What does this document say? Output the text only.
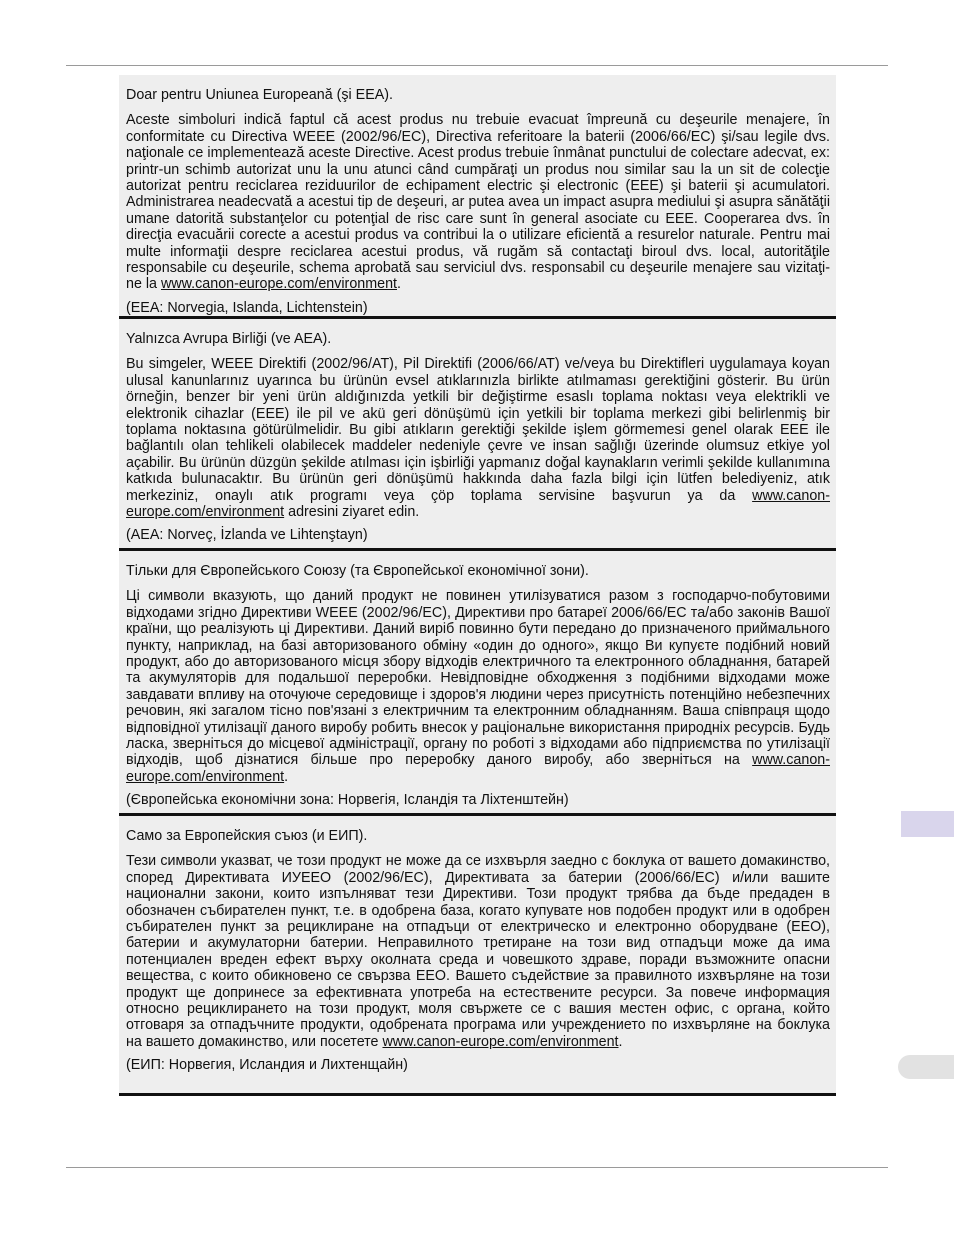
Doar pentru Uniunea Europeană (şi EEA).

Aceste simboluri indică faptul că acest produs nu trebuie evacuat împreună cu deşeurile menajere, în conformitate cu Directiva WEEE (2002/96/EC), Directiva referitoare la baterii (2006/66/EC) şi/sau legile dvs. naţionale ce implementează aceste Directive. Acest produs trebuie înmânat punctului de colectare adecvat, ex: printr-un schimb autorizat unu la unu atunci când cumpăraţi un produs nou similar sau la un sit de colecţie autorizat pentru reciclarea reziduurilor de echipament electric şi electronic (EEE) şi baterii şi acumulatori. Administrarea neadecvată a acestui tip de deşeuri, ar putea avea un impact asupra mediului şi asupra sănătăţii umane datorită substanţelor cu potenţial de risc care sunt în general asociate cu EEE. Cooperarea dvs. în direcţia evacuării corecte a acestui produs va contribui la o utilizare eficientă a resurelor naturale. Pentru mai multe informaţii despre reciclarea acestui produs, vă rugăm să contactaţi biroul dvs. local, autorităţile responsabile cu deşeurile, schema aprobată sau serviciul dvs. responsabil cu deşeurile menajere sau vizitaţi-ne la www.canon-europe.com/environment.

(EEA: Norvegia, Islanda, Lichtenstein)

Yalnızca Avrupa Birliği (ve AEA).

Bu simgeler, WEEE Direktifi (2002/96/AT), Pil Direktifi (2006/66/AT) ve/veya bu Direktifleri uygulamaya koyan ulusal kanunlarınız uyarınca bu ürünün evsel atıklarınızla birlikte atılmaması gerektiğini gösterir. Bu ürün örneğin, benzer bir yeni ürün aldığınızda yetkili bir değiştirme esaslı toplama noktası veya elektrikli ve elektronik cihazlar (EEE) ile pil ve akü geri dönüşümü için yetkili bir toplama merkezi gibi belirlenmiş bir toplama noktasına götürülmelidir. Bu gibi atıkların gerektiği şekilde işlem görmemesi genel olarak EEE ile bağlantılı olan tehlikeli olabilecek maddeler nedeniyle çevre ve insan sağlığı üzerinde olumsuz etkiye yol açabilir. Bu ürünün düzgün şekilde atılması için işbirliği yapmanız doğal kaynakların verimli şekilde kullanımına katkıda bulunacaktır. Bu ürünün geri dönüşümü hakkında daha fazla bilgi için lütfen belediyeniz, atık merkeziniz, onaylı atık programı veya çöp toplama servisine başvurun ya da www.canon-europe.com/environment adresini ziyaret edin.

(AEA: Norveç, İzlanda ve Lihtenştayn)

Тільки для Європейського Союзу (та Європейської економічної зони).

Ці символи вказують, що даний продукт не повинен утилізуватися разом з господарчо-побутовими відходами згідно Директиви WEEE (2002/96/EC), Директиви про батареї 2006/66/EC та/або законів Вашої країни, що реалізують ці Директиви. Даний виріб повинно бути передано до призначеного приймального пункту, наприклад, на базі авторизованого обміну «один до одного», якщо Ви купуєте подібний новий продукт, або до авторизованого місця збору відходів електричного та електронного обладнання, батарей та акумуляторів для подальшої переробки. Невідповідне обходження з подібними відходами може завдавати впливу на оточуюче середовище і здоров'я людини через присутність потенційно небезпечних речовин, які загалом тісно пов'язані з електричним та електронним обладнанням. Ваша співпраця щодо відповідної утилізації даного виробу робить внесок у раціональне використання природніх ресурсів. Будь ласка, зверніться до місцевої адміністрації, органу по роботі з відходами або підприємства по утилізації відходів, щоб дізнатися більше про переробку даного виробу, або зверніться на www.canon-europe.com/environment.

(Європейська економічни зона: Норвегія, Ісландія та Ліхтенштейн)

Само за Европейския съюз (и ЕИП).

Тези символи указват, че този продукт не може да се изхвърля заедно с боклука от вашето домакинство, според Директивата ИУЕЕО (2002/96/EC), Директивата за батерии (2006/66/EC) и/или вашите национални закони, които изпълняват тези Директиви. Този продукт трябва да бъде предаден в обозначен събирателен пункт, т.е. в одобрена база, когато купувате нов подобен продукт или в одобрен събирателен пункт за рециклиране на отпадъци от електрическо и електронно оборудване (ЕЕО), батерии и акумулаторни батерии. Неправилното третиране на този вид отпадъци може да има потенциален вреден ефект върху околната среда и човешкото здраве, поради възможните опасни вещества, с които обикновено се свързва ЕЕО. Вашето съдействие за правилното изхвърляне на този продукт ще допринесе за ефективната употреба на естествените ресурси. За повече информация относно рециклирането на този продукт, моля свържете се с вашия местен офис, с органа, който отговаря за отпадъчните продукти, одобрената програма или учреждението по изхвърляне на боклука на вашето домакинство, или посетете www.canon-europe.com/environment.

(ЕИП: Норвегия, Исландия и Лихтенщайн)
